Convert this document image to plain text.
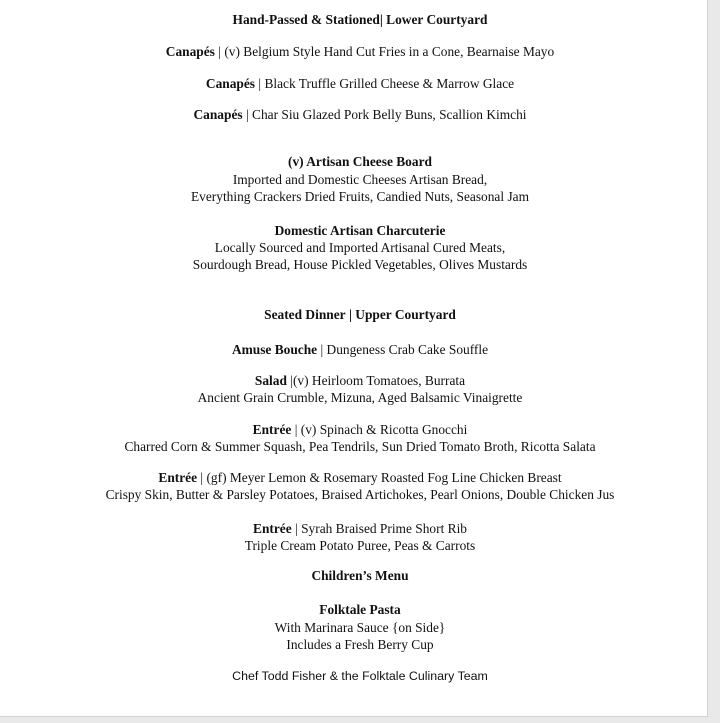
Hand-Passed & Stationed| Lower Courtyard
Canapés | (v) Belgium Style Hand Cut Fries in a Cone, Bearnaise Mayo
Canapés | Black Truffle Grilled Cheese & Marrow Glace
Canapés | Char Siu Glazed Pork Belly Buns, Scallion Kimchi
(v) Artisan Cheese Board
Imported and Domestic Cheeses Artisan Bread,
Everything Crackers Dried Fruits, Candied Nuts, Seasonal Jam
Domestic Artisan Charcuterie
Locally Sourced and Imported Artisanal Cured Meats,
Sourdough Bread, House Pickled Vegetables, Olives Mustards
Seated Dinner | Upper Courtyard
Amuse Bouche | Dungeness Crab Cake Souffle
Salad |(v) Heirloom Tomatoes, Burrata
Ancient Grain Crumble, Mizuna, Aged Balsamic Vinaigrette
Entrée | (v) Spinach & Ricotta Gnocchi
Charred Corn & Summer Squash, Pea Tendrils, Sun Dried Tomato Broth, Ricotta Salata
Entrée | (gf) Meyer Lemon & Rosemary Roasted Fog Line Chicken Breast
Crispy Skin, Butter & Parsley Potatoes, Braised Artichokes, Pearl Onions, Double Chicken Jus
Entrée | Syrah Braised Prime Short Rib
Triple Cream Potato Puree, Peas & Carrots
Children’s Menu
Folktale Pasta
With Marinara Sauce {on Side}
Includes a Fresh Berry Cup
Chef Todd Fisher & the Folktale Culinary Team
